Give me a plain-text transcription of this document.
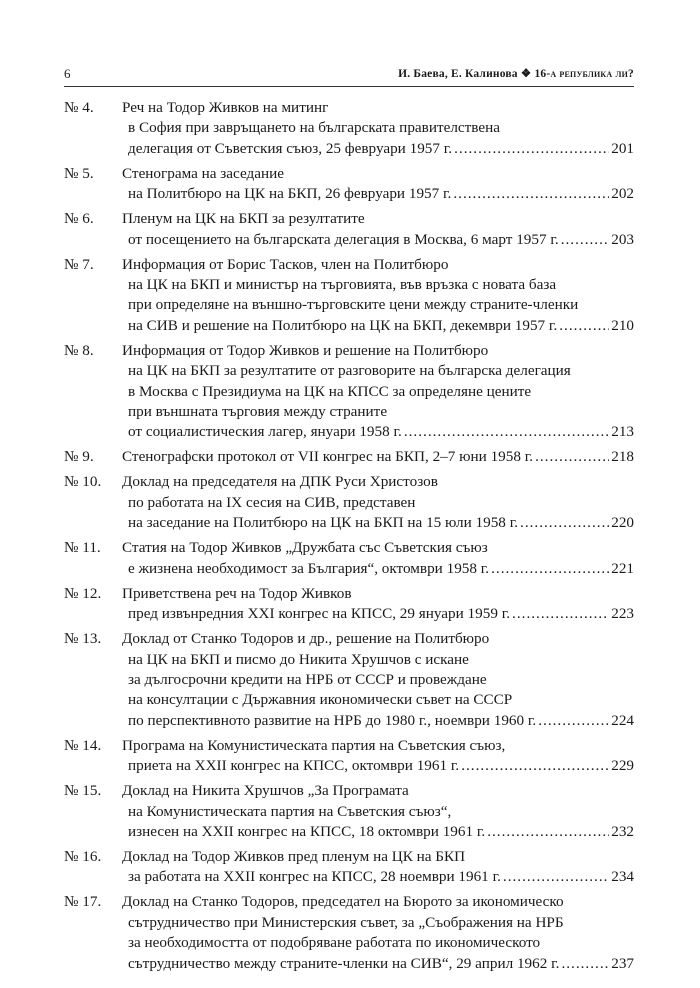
6	И. Баева, Е. Калинова ❖ 16-а република ли?
№ 4.	Реч на Тодор Живков на митинг
в София при завръщането на българската правителствена
делегация от Съветския съюз, 25 февруари 1957 г. .....	201
№ 5.	Стенограма на заседание
на Политбюро на ЦК на БКП, 26 февруари 1957 г. .....	202
№ 6.	Пленум на ЦК на БКП за резултатите
от посещението на българската делегация в Москва, 6 март 1957 г. .....	203
№ 7.	Информация от Борис Тасков, член на Политбюро
на ЦК на БКП и министър на търговията, във връзка с новата база
при определяне на външно-търговските цени между страните-членки
на СИВ и решение на Политбюро на ЦК на БКП, декември 1957 г. .....	210
№ 8.	Информация от Тодор Живков и решение на Политбюро
на ЦК на БКП за резултатите от разговорите на българска делегация
в Москва с Президиума на ЦК на КПСС за определяне цените
при външната търговия между страните
от социалистическия лагер, януари 1958 г. .....	213
№ 9.	Стенографски протокол от VII конгрес на БКП, 2–7 юни 1958 г. .....	218
№ 10.	Доклад на председателя на ДПК Руси Христозов
по работата на IX сесия на СИВ, представен
на заседание на Политбюро на ЦК на БКП на 15 юли 1958 г. .....	220
№ 11.	Статия на Тодор Живков „Дружбата със Съветския съюз
е жизнена необходимост за България“, октомври 1958 г. .....	221
№ 12.	Приветствена реч на Тодор Живков
пред извънредния XXI конгрес на КПСС, 29 януари 1959 г. .....	223
№ 13.	Доклад от Станко Тодоров и др., решение на Политбюро
на ЦК на БКП и писмо до Никита Хрушчов с искане
за дългосрочни кредити на НРБ от СССР и провеждане
на консултации с Държавния икономически съвет на СССР
по перспективното развитие на НРБ до 1980 г., ноември 1960 г. .....	224
№ 14.	Програма на Комунистическата партия на Съветския съюз,
приета на XXII конгрес на КПСС, октомври 1961 г. .....	229
№ 15.	Доклад на Никита Хрушчов „За Програмата
на Комунистическата партия на Съветския съюз“,
изнесен на XXII конгрес на КПСС, 18 октомври 1961 г. .....	232
№ 16.	Доклад на Тодор Живков пред пленум на ЦК на БКП
за работата на XXII конгрес на КПСС, 28 ноември 1961 г. .....	234
№ 17.	Доклад на Станко Тодоров, председател на Бюрото за икономическо
сътрудничество при Министерския съвет, за „Съображения на НРБ
за необходимостта от подобряване работата по икономическото
сътрудничество между страните-членки на СИВ“, 29 април 1962 г. .....	237
